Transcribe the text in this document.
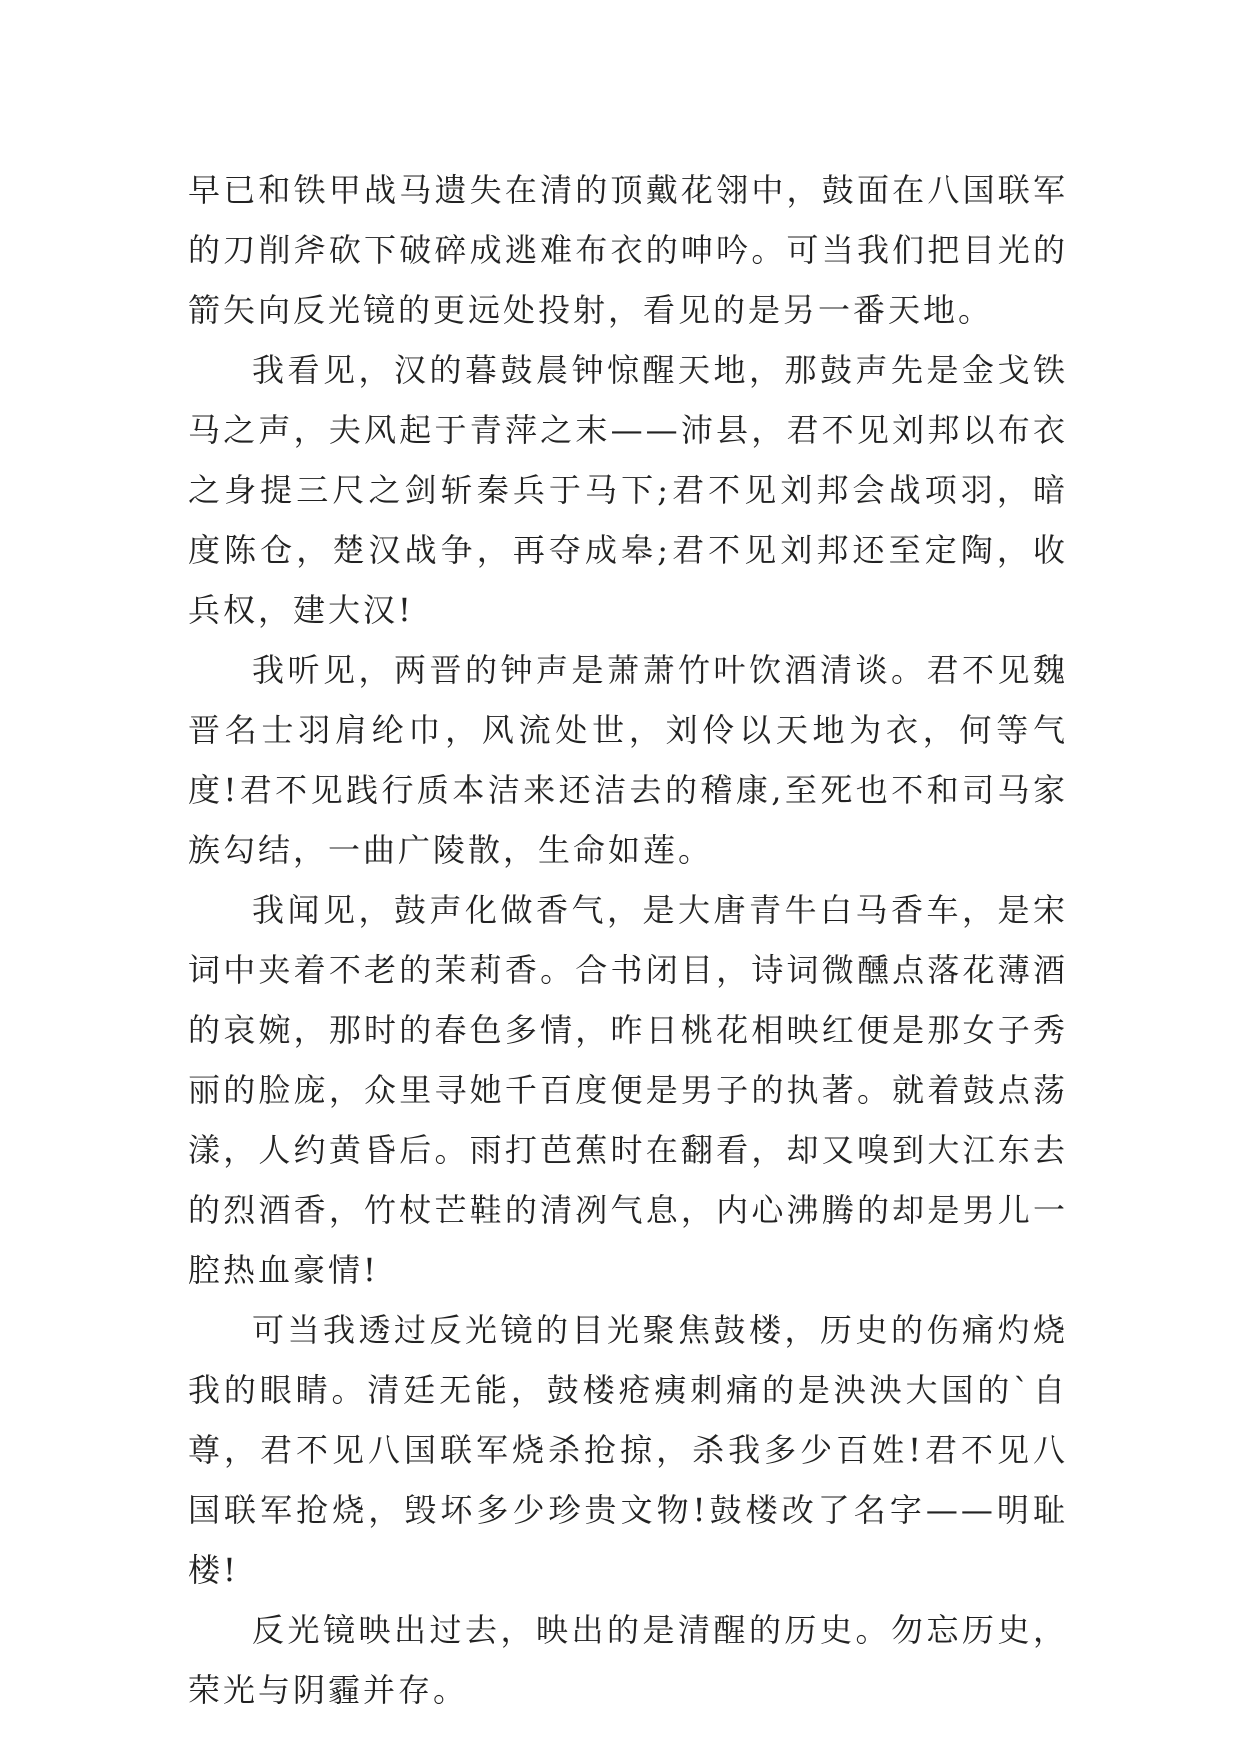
早已和铁甲战马遗失在清的顶戴花翎中，鼓面在八国联军的刀削斧砍下破碎成逃难布衣的呻吟。可当我们把目光的箭矢向反光镜的更远处投射，看见的是另一番天地。

我看见，汉的暮鼓晨钟惊醒天地，那鼓声先是金戈铁马之声，夫风起于青萍之末——沛县，君不见刘邦以布衣之身提三尺之剑斩秦兵于马下;君不见刘邦会战项羽，暗度陈仓，楚汉战争，再夺成皋;君不见刘邦还至定陶，收兵权，建大汉!

我听见，两晋的钟声是萧萧竹叶饮酒清谈。君不见魏晋名士羽肩纶巾，风流处世，刘伶以天地为衣，何等气度!君不见践行质本洁来还洁去的稽康,至死也不和司马家族勾结，一曲广陵散，生命如莲。

我闻见，鼓声化做香气，是大唐青牛白马香车，是宋词中夹着不老的茉莉香。合书闭目，诗词微醺点落花薄酒的哀婉，那时的春色多情，昨日桃花相映红便是那女子秀丽的脸庞，众里寻她千百度便是男子的执著。就着鼓点荡漾，人约黄昏后。雨打芭蕉时在翻看，却又嗅到大江东去的烈酒香，竹杖芒鞋的清冽气息，内心沸腾的却是男儿一腔热血豪情!

可当我透过反光镜的目光聚焦鼓楼，历史的伤痛灼烧我的眼睛。清廷无能，鼓楼疮痍刺痛的是泱泱大国的`自尊，君不见八国联军烧杀抢掠，杀我多少百姓!君不见八国联军抢烧，毁坏多少珍贵文物!鼓楼改了名字——明耻楼!

反光镜映出过去，映出的是清醒的历史。勿忘历史，荣光与阴霾并存。
